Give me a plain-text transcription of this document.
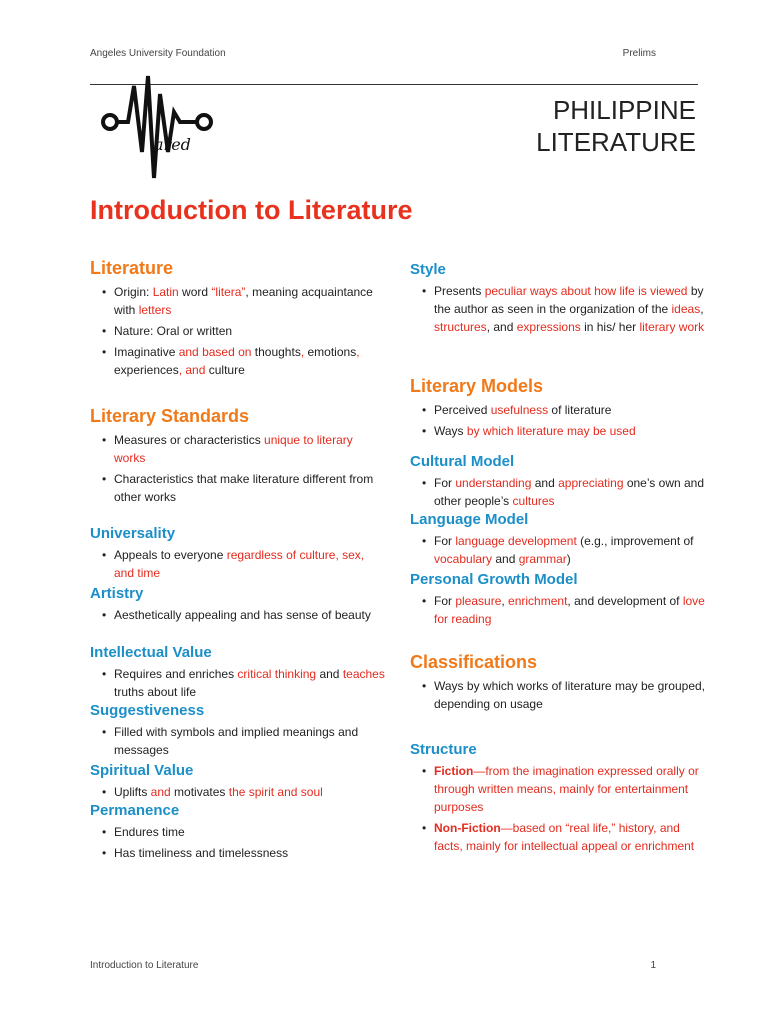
Angeles University Foundation	Prelims
ared
PHILIPPINE
LITERATURE
Introduction to Literature
Literature
• Origin: Latin word “litera”, meaning acquaintance with letters
• Nature: Oral or written
• Imaginative and based on thoughts, emotions, experiences, and culture
Literary Standards
• Measures or characteristics unique to literary works
• Characteristics that make literature different from other works
Universality
• Appeals to everyone regardless of culture, sex, and time
Artistry
• Aesthetically appealing and has sense of beauty
Intellectual Value
• Requires and enriches critical thinking and teaches truths about life
Suggestiveness
• Filled with symbols and implied meanings and messages
Spiritual Value
• Uplifts and motivates the spirit and soul
Permanence
• Endures time
• Has timeliness and timelessness
Style
• Presents peculiar ways about how life is viewed by the author as seen in the organization of the ideas, structures, and expressions in his/ her literary work
Literary Models
• Perceived usefulness of literature
• Ways by which literature may be used
Cultural Model
• For understanding and appreciating one’s own and other people’s cultures
Language Model
• For language development (e.g., improvement of vocabulary and grammar)
Personal Growth Model
• For pleasure, enrichment, and development of love for reading
Classifications
• Ways by which works of literature may be grouped, depending on usage
Structure
• Fiction—from the imagination expressed orally or through written means, mainly for entertainment purposes
• Non-Fiction—based on “real life,” history, and facts, mainly for intellectual appeal or enrichment
Introduction to Literature	1
